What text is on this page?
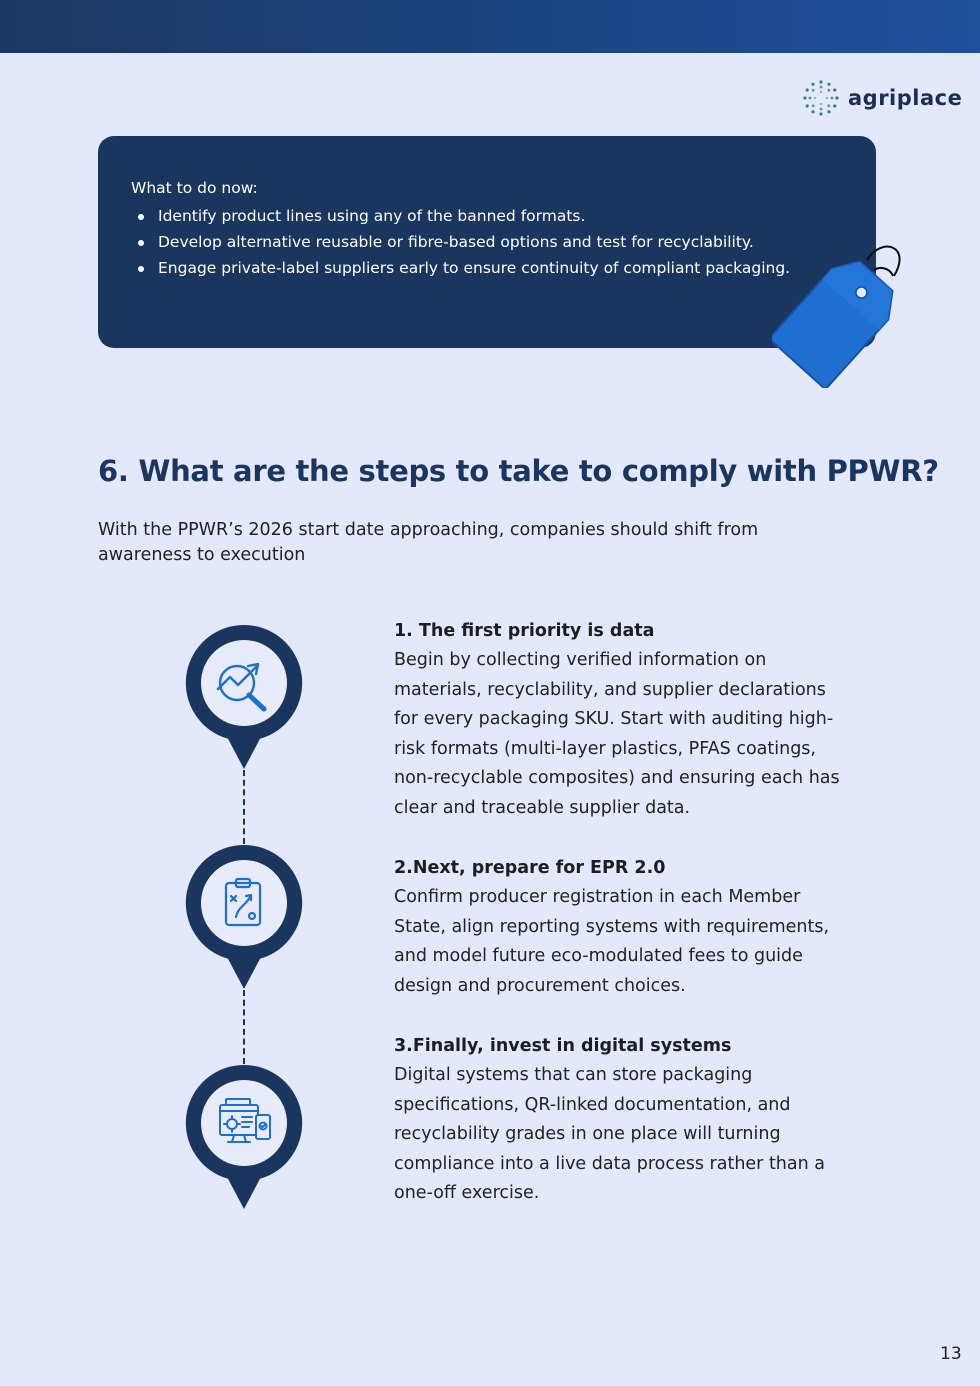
agriplace

What to do now:

Identify product lines using any of the banned formats.
Develop alternative reusable or fibre-based options and test for recyclability.
Engage private-label suppliers early to ensure continuity of compliant packaging.
6. What are the steps to take to comply with PPWR?

With the PPWR’s 2026 start date approaching, companies should shift from awareness to execution

1. The first priority is data

Begin by collecting verified information on materials, recyclability, and supplier declarations for every packaging SKU. Start with auditing high-risk formats (multi-layer plastics, PFAS coatings, non-recyclable composites) and ensuring each has clear and traceable supplier data.

2.Next, prepare for EPR 2.0

Confirm producer registration in each Member State, align reporting systems with requirements, and model future eco-modulated fees to guide design and procurement choices.

3.Finally, invest in digital systems

Digital systems that can store packaging specifications, QR-linked documentation, and recyclability grades in one place will turning compliance into a live data process rather than a one-off exercise.

13
